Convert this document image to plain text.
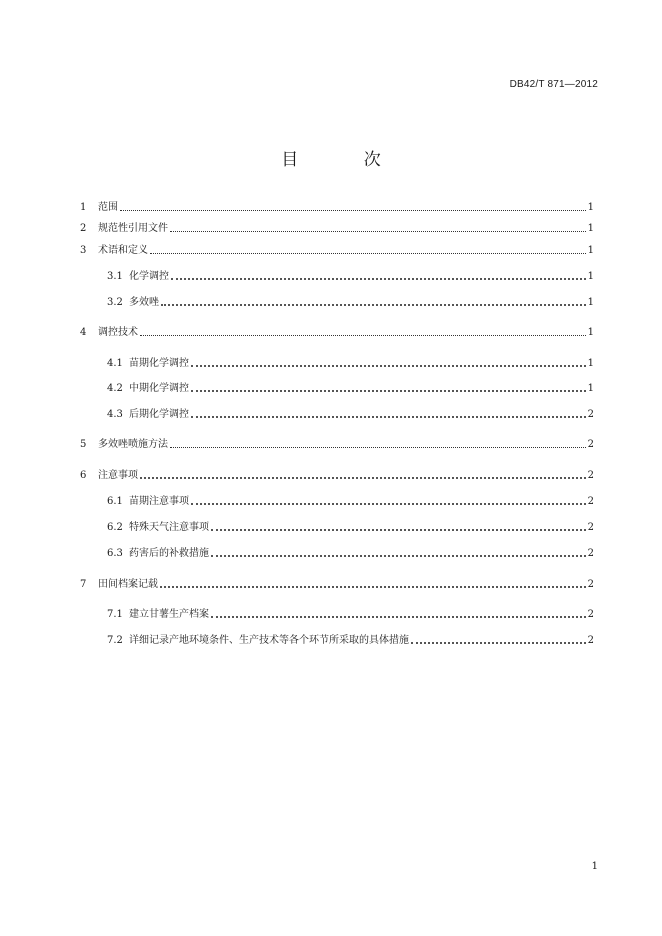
DB42/T 871—2012
目 次
1	范围	1
2	规范性引用文件	1
3	术语和定义	1
3.1 化学调控	1
3.2 多效唑	1
4	调控技术	1
4.1 苗期化学调控	1
4.2 中期化学调控	1
4.3 后期化学调控	2
5	多效唑喷施方法	2
6	注意事项	2
6.1 苗期注意事项	2
6.2 特殊天气注意事项	2
6.3 药害后的补救措施	2
7	田间档案记载	2
7.1 建立甘薯生产档案	2
7.2 详细记录产地环境条件、生产技术等各个环节所采取的具体措施	2
1
